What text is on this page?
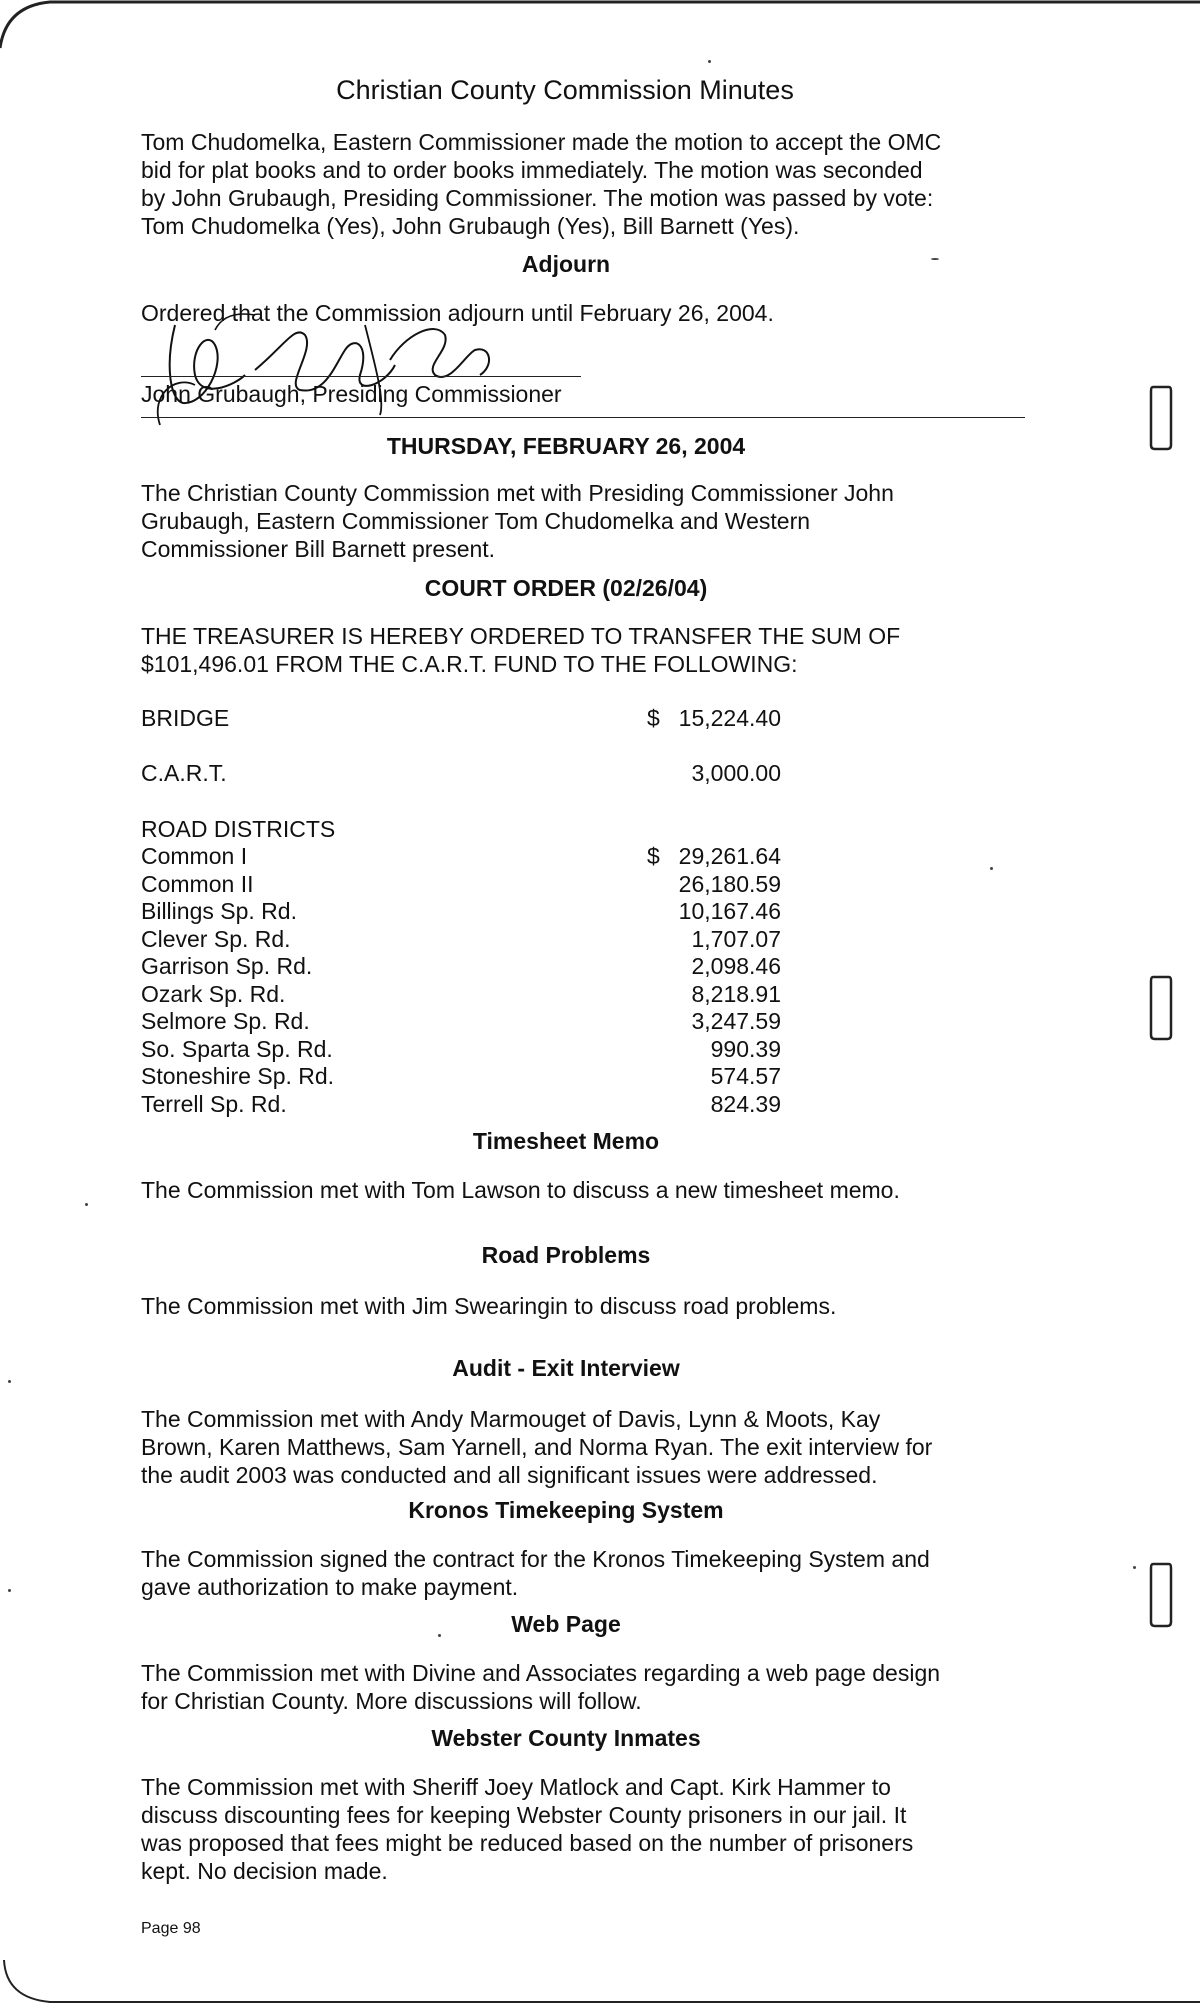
Christian County Commission Minutes
Tom Chudomelka, Eastern Commissioner made the motion to accept the OMC
bid for plat books and to order books immediately. The motion was seconded
by John Grubaugh, Presiding Commissioner. The motion was passed by vote:
Tom Chudomelka (Yes), John Grubaugh (Yes), Bill Barnett (Yes).
Adjourn
Ordered that the Commission adjourn until February 26, 2004.
John Grubaugh, Presiding Commissioner
THURSDAY, FEBRUARY 26, 2004
The Christian County Commission met with Presiding Commissioner John
Grubaugh, Eastern Commissioner Tom Chudomelka and Western
Commissioner Bill Barnett present.
COURT ORDER (02/26/04)
THE TREASURER IS HEREBY ORDERED TO TRANSFER THE SUM OF
$101,496.01 FROM THE C.A.R.T. FUND TO THE FOLLOWING:
BRIDGE	$ 15,224.40
C.A.R.T.	3,000.00
ROAD DISTRICTS
Common I	$ 29,261.64
Common II	26,180.59
Billings Sp. Rd.	10,167.46
Clever Sp. Rd.	1,707.07
Garrison Sp. Rd.	2,098.46
Ozark Sp. Rd.	8,218.91
Selmore Sp. Rd.	3,247.59
So. Sparta Sp. Rd.	990.39
Stoneshire Sp. Rd.	574.57
Terrell Sp. Rd.	824.39
Timesheet Memo
The Commission met with Tom Lawson to discuss a new timesheet memo.
Road Problems
The Commission met with Jim Swearingin to discuss road problems.
Audit - Exit Interview
The Commission met with Andy Marmouget of Davis, Lynn & Moots, Kay
Brown, Karen Matthews, Sam Yarnell, and Norma Ryan. The exit interview for
the audit 2003 was conducted and all significant issues were addressed.
Kronos Timekeeping System
The Commission signed the contract for the Kronos Timekeeping System and
gave authorization to make payment.
Web Page
The Commission met with Divine and Associates regarding a web page design
for Christian County. More discussions will follow.
Webster County Inmates
The Commission met with Sheriff Joey Matlock and Capt. Kirk Hammer to
discuss discounting fees for keeping Webster County prisoners in our jail. It
was proposed that fees might be reduced based on the number of prisoners
kept. No decision made.
Page 98
